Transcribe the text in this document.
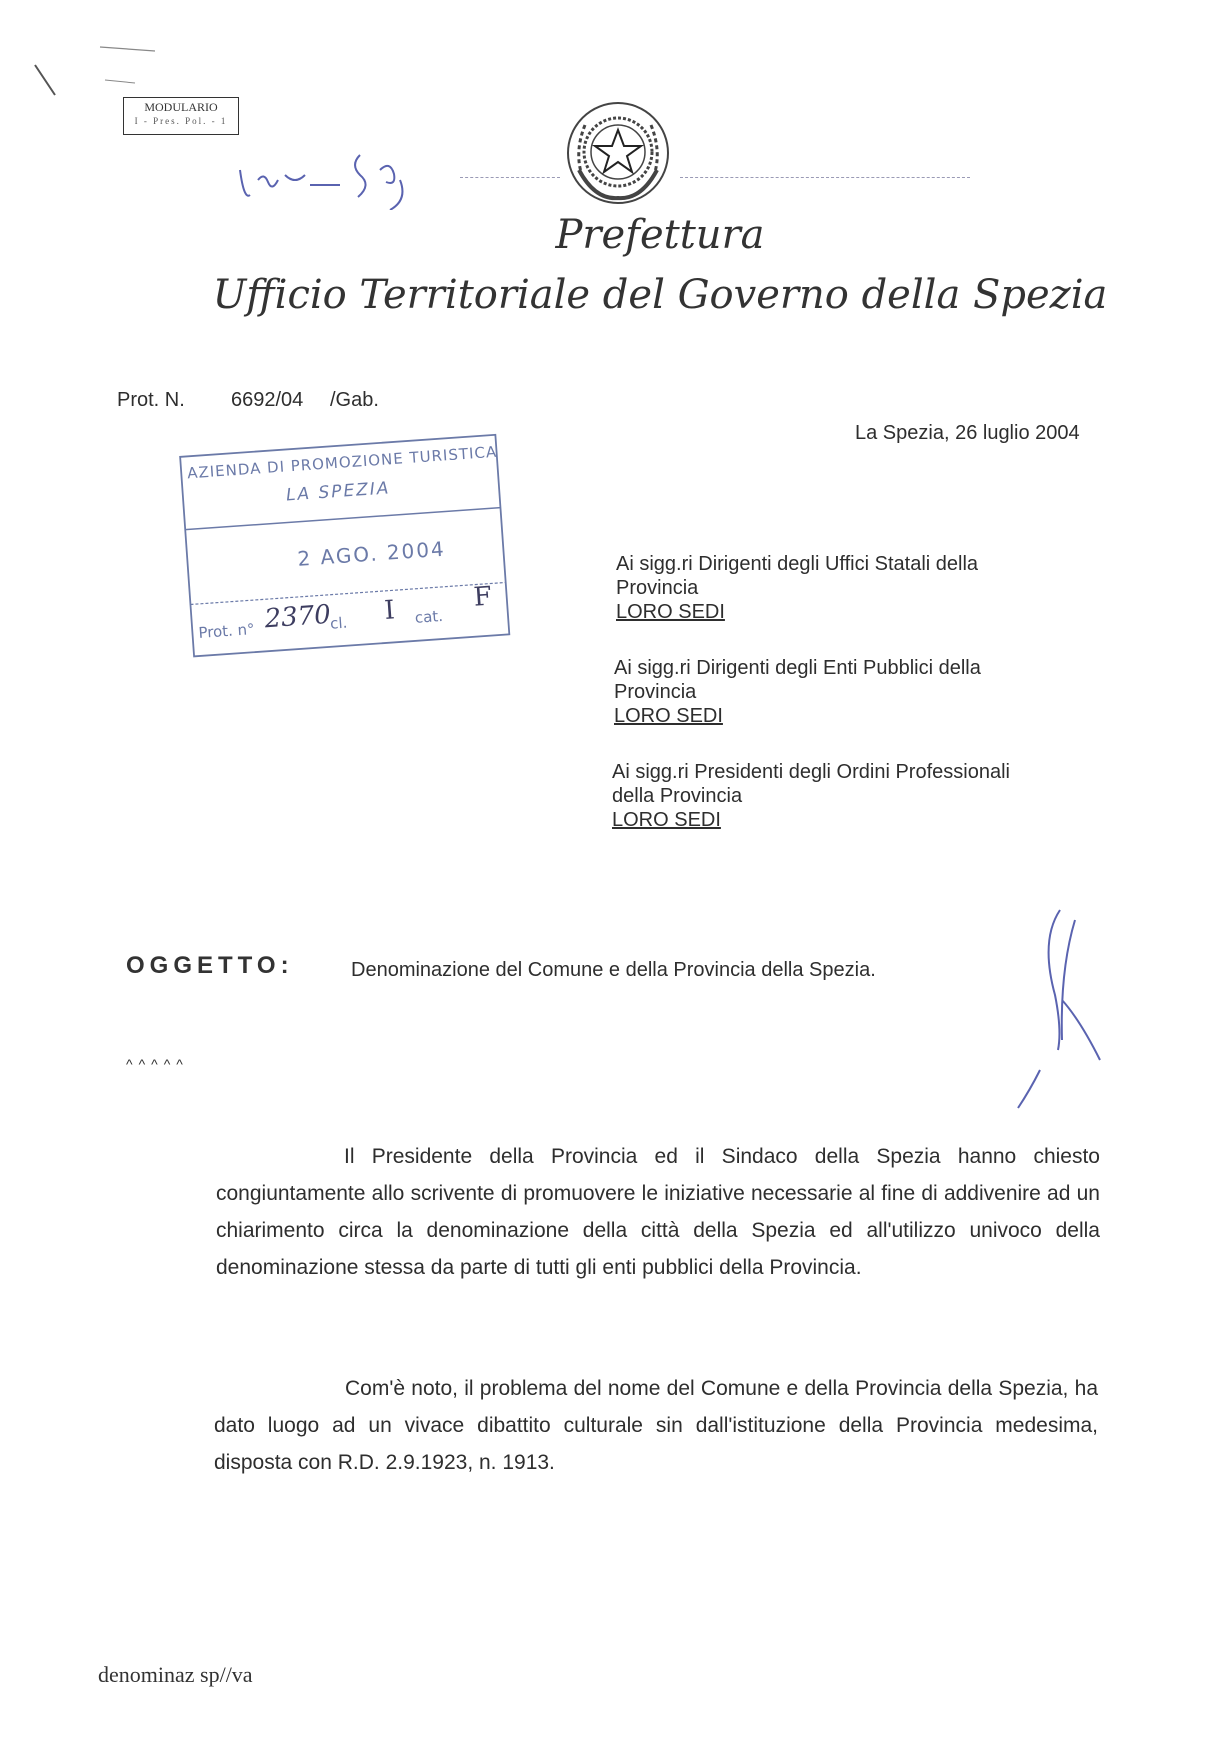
MODULARIO
I - Pres. Pol. - 1
Prefettura
Ufficio Territoriale del Governo della Spezia
Prot. N. 6692/04 /Gab.
La Spezia, 26 luglio 2004
AZIENDA DI PROMOZIONE TURISTICA
LA SPEZIA
2 AGO. 2004
Prot. n° 2370
cl. I cat.
F
Ai sigg.ri Dirigenti degli Uffici Statali della
Provincia
LORO SEDI
Ai sigg.ri Dirigenti degli Enti Pubblici della
Provincia
LORO SEDI
Ai sigg.ri Presidenti degli Ordini Professionali
della Provincia
LORO SEDI
OGGETTO:	Denominazione del Comune e della Provincia della Spezia.
^^^^^
Il Presidente della Provincia ed il Sindaco della Spezia hanno chiesto congiuntamente allo scrivente di promuovere le iniziative necessarie al fine di addivenire ad un chiarimento circa la denominazione della città della Spezia ed all'utilizzo univoco della denominazione stessa da parte di tutti gli enti pubblici della Provincia.
Com'è noto, il problema del nome del Comune e della Provincia della Spezia, ha dato luogo ad un vivace dibattito culturale sin dall'istituzione della Provincia medesima, disposta con R.D. 2.9.1923, n. 1913.
denominaz sp//va
